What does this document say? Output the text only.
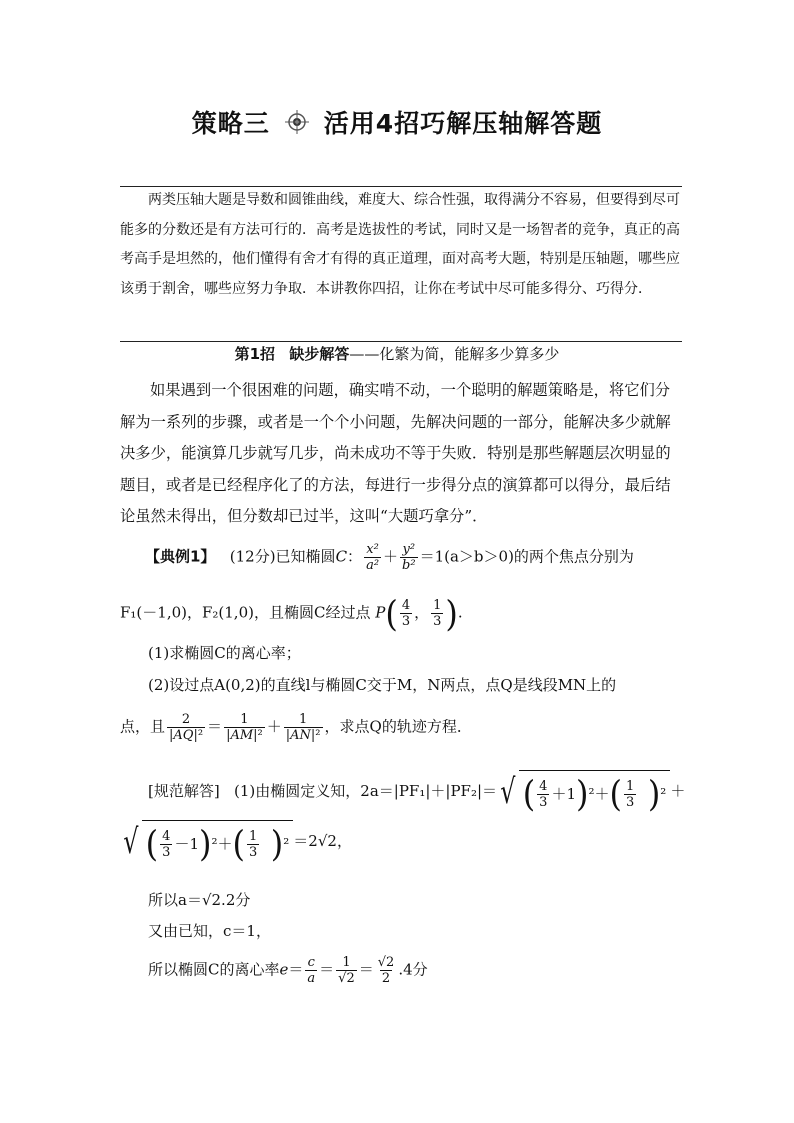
策略三 活用4招巧解压轴解答题
两类压轴大题是导数和圆锥曲线，难度大、综合性强，取得满分不容易，但要得到尽可能多的分数还是有方法可行的．高考是选拔性的考试，同时又是一场智者的竞争，真正的高考高手是坦然的，他们懂得有舍才有得的真正道理，面对高考大题，特别是压轴题，哪些应该勇于割舍，哪些应努力争取．本讲教你四招，让你在考试中尽可能多得分、巧得分．
第1招 缺步解答——化繁为简，能解多少算多少
如果遇到一个很困难的问题，确实啃不动，一个聪明的解题策略是，将它们分解为一系列的步骤，或者是一个个小问题，先解决问题的一部分，能解决多少就解决多少，能演算几步就写几步，尚未成功不等于失败．特别是那些解题层次明显的题目，或者是已经程序化了的方法，每进行一步得分点的演算都可以得分，最后结论虽然未得出，但分数却已过半，这叫“大题巧拿分”．
【典例1】 (12分)已知椭圆C： $\frac{\text{x²}}{\text{a²}} + \frac{\text{y²}}{\text{b²}} =1(a>b>0)$的两个焦点分别为
F₁(－1,0)，F₂(1,0)，且椭圆C经过点 $P( \frac{4}{3}$ ， $\frac{1}{3}$ ).
(1)求椭圆C的离心率；
(2)设过点A(0,2)的直线l与椭圆C交于M，N两点，点Q是线段MN上的
点，且 $\frac{2}{\text{|AQ|²}} = \frac{1}{\text{|AM|²}} + \frac{1}{\text{|AN|²}}$ ，求点Q的轨迹方程．
[规范解答] (1)由椭圆定义知，2a＝|PF₁|＋|PF₂|＝ √ ( $\frac{4}{3} +1$ ) ²＋ ( $\frac{1}{3}$
) ² ＋
√ ( $\frac{4}{3} -1$ ) ²＋ ( $\frac{1}{3}$
) ² ＝2√2，
所以a＝√2.2分
又由已知，c＝1，
所以椭圆C的离心率$e= \frac{c}{a} = \frac{1}{√2} = \frac{√2}{2} .4$分
